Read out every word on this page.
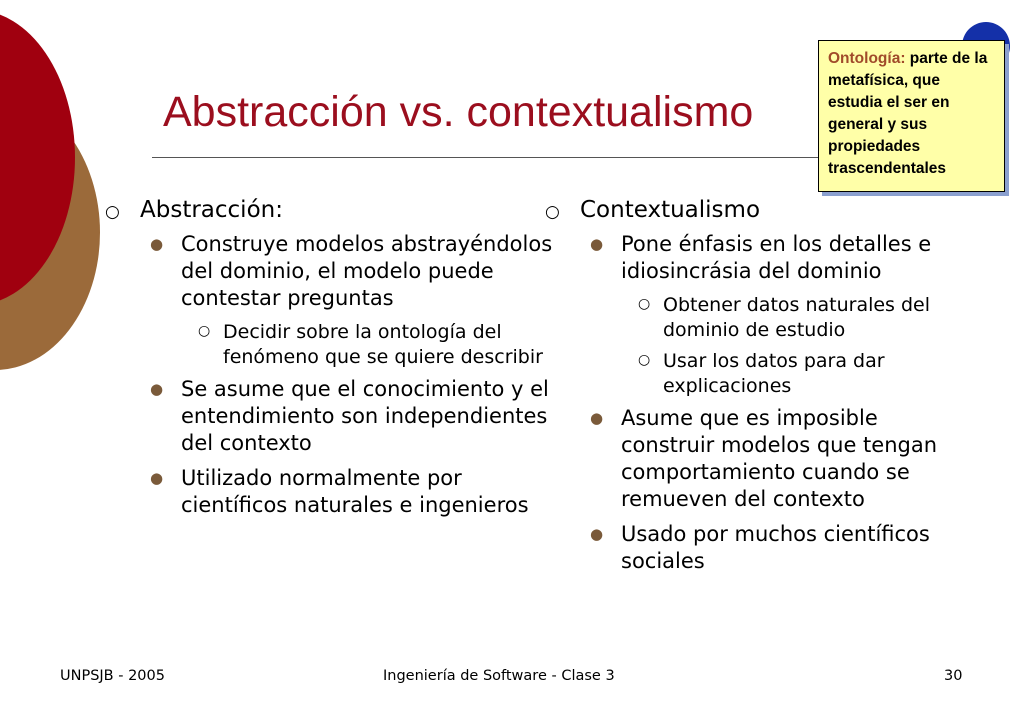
Abstracción vs. contextualismo
Ontología: parte de la metafísica, que estudia el ser en general y sus propiedades trascendentales
○ Abstracción:
● Construye modelos abstrayéndolos del dominio, el modelo puede contestar preguntas
○ Decidir sobre la ontología del fenómeno que se quiere describir
● Se asume que el conocimiento y el entendimiento son independientes del contexto
● Utilizado normalmente por científicos naturales e ingenieros
○ Contextualismo
● Pone énfasis en los detalles e idiosincrásia del dominio
○ Obtener datos naturales del dominio de estudio
○ Usar los datos para dar explicaciones
● Asume que es imposible construir modelos que tengan comportamiento cuando se remueven del contexto
● Usado por muchos científicos sociales
UNPSJB - 2005	Ingeniería de Software - Clase 3	30
